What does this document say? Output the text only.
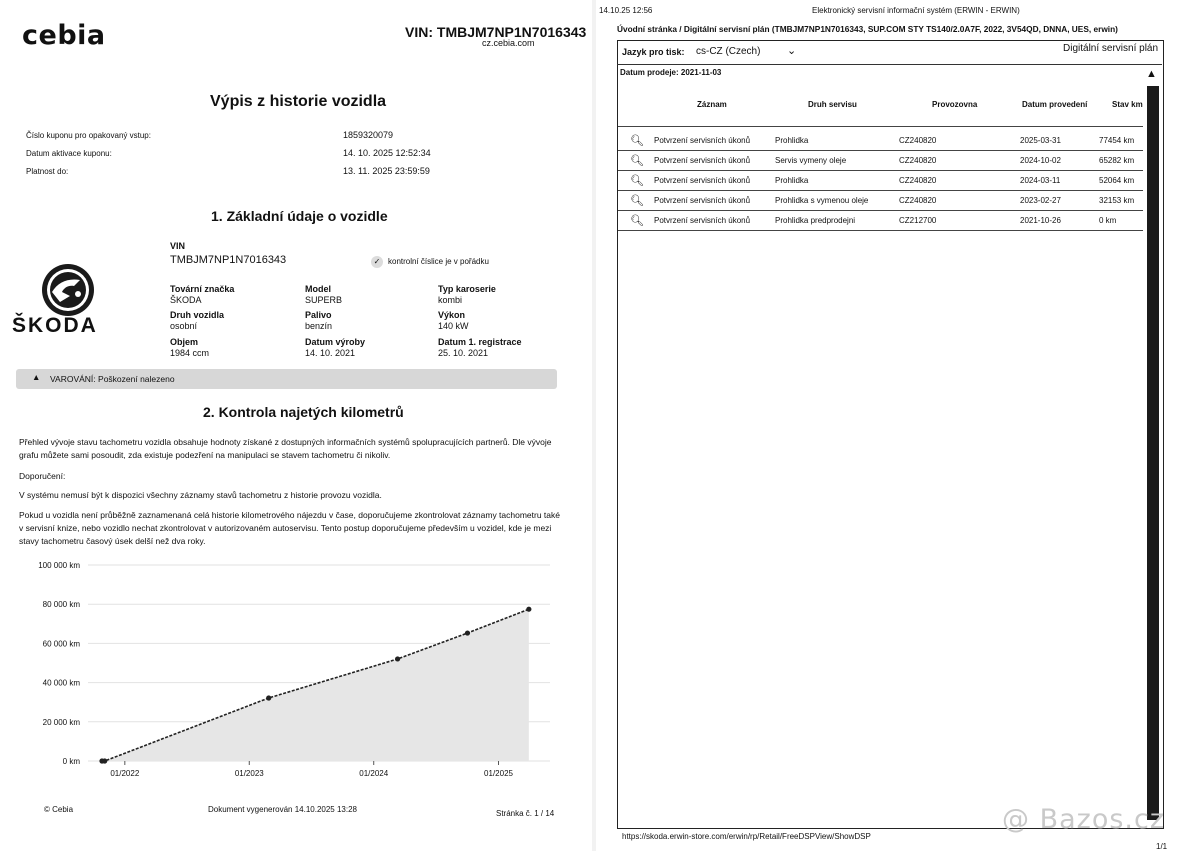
cebia	VIN: TMBJM7NP1N7016343
cz.cebia.com
Výpis z historie vozidla
Číslo kuponu pro opakovaný vstup:	1859320079
Datum aktivace kuponu:	14. 10. 2025 12:52:34
Platnost do:	13. 11. 2025 23:59:59
1. Základní údaje o vozidle
ŠKODA
VIN
TMBJM7NP1N7016343	✓ kontrolní číslice je v pořádku
Tovární značka
ŠKODA
Model
SUPERB
Typ karoserie
kombi
Druh vozidla
osobní
Palivo
benzín
Výkon
140 kW
Objem
1984 ccm
Datum výroby
14. 10. 2021
Datum 1. registrace
25. 10. 2021
▲ VAROVÁNÍ: Poškození nalezeno
2. Kontrola najetých kilometrů
Přehled vývoje stavu tachometru vozidla obsahuje hodnoty získané z dostupných informačních systémů spolupracujících partnerů. Dle vývoje grafu můžete sami posoudit, zda existuje podezření na manipulaci se stavem tachometru či nikoliv.
Doporučení:
V systému nemusí být k dispozici všechny záznamy stavů tachometru z historie provozu vozidla.
Pokud u vozidla není průběžně zaznamenaná celá historie kilometrového nájezdu v čase, doporučujeme zkontrolovat záznamy tachometru také v servisní knize, nebo vozidlo nechat zkontrolovat v autorizovaném autoservisu. Tento postup doporučujeme především u vozidel, kde je mezi stavy tachometru časový úsek delší než dva roky.
100 000 km
80 000 km
60 000 km
40 000 km
20 000 km
0 km
01/2022	01/2023	01/2024	01/2025
© Cebia	Dokument vygenerován 14.10.2025 13:28	Stránka č. 1 / 14
14.10.25 12:56	Elektronický servisní informační systém (ERWIN - ERWIN)
Úvodní stránka / Digitální servisní plán (TMBJM7NP1N7016343, SUP.COM STY TS140/2.0A7F, 2022, 3V54QD, DNNA, UES, erwin)
Jazyk pro tisk: cs-CZ (Czech) ⌄	Digitální servisní plán
Datum prodeje: 2021-11-03	▲
Záznam	Druh servisu	Provozovna	Datum provedení	Stav km
🔍︎ Potvrzení servisních úkonů	Prohlidka	CZ240820	2025-03-31	77454 km
🔍︎ Potvrzení servisních úkonů	Servis vymeny oleje	CZ240820	2024-10-02	65282 km
🔍︎ Potvrzení servisních úkonů	Prohlidka	CZ240820	2024-03-11	52064 km
🔍︎ Potvrzení servisních úkonů	Prohlidka s vymenou oleje	CZ240820	2023-02-27	32153 km
🔍︎ Potvrzení servisních úkonů	Prohlidka predprodejni	CZ212700	2021-10-26	0 km
https://skoda.erwin-store.com/erwin/rp/Retail/FreeDSPView/ShowDSP
1/1
@ Bazos.cz
